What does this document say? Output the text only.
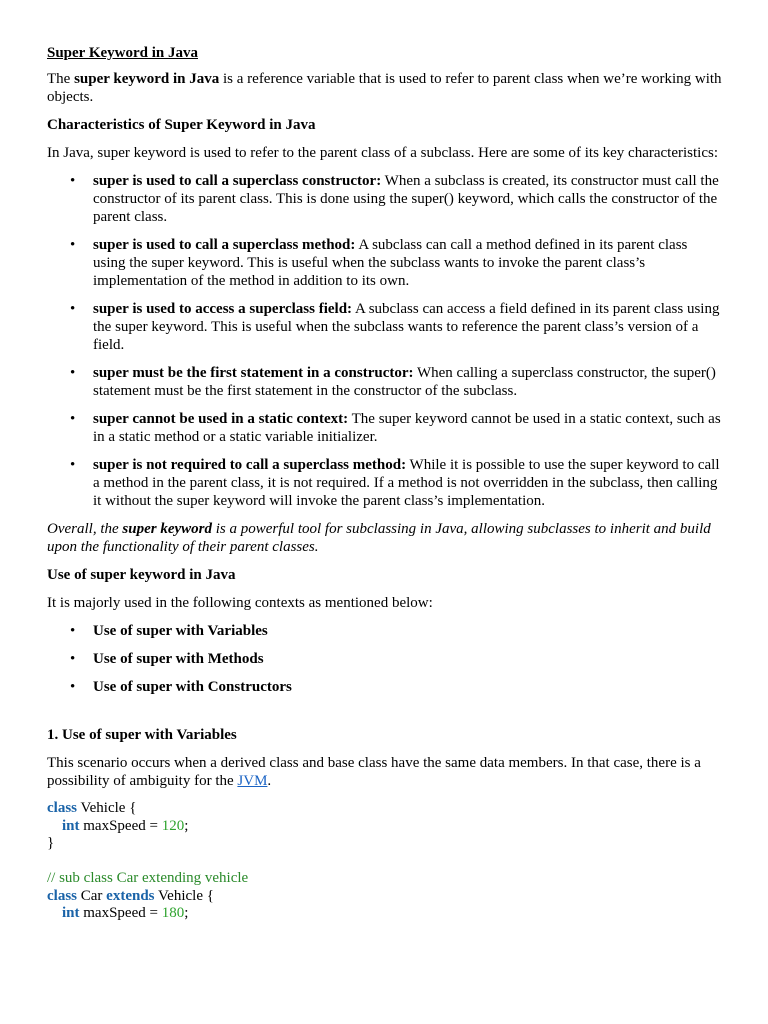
Super Keyword in Java

The super keyword in Java is a reference variable that is used to refer to parent class when we’re working with objects.

Characteristics of Super Keyword in Java

In Java, super keyword is used to refer to the parent class of a subclass. Here are some of its key characteristics:

• super is used to call a superclass constructor: When a subclass is created, its constructor must call the constructor of its parent class. This is done using the super() keyword, which calls the constructor of the parent class.
• super is used to call a superclass method: A subclass can call a method defined in its parent class using the super keyword. This is useful when the subclass wants to invoke the parent class’s implementation of the method in addition to its own.
• super is used to access a superclass field: A subclass can access a field defined in its parent class using the super keyword. This is useful when the subclass wants to reference the parent class’s version of a field.
• super must be the first statement in a constructor: When calling a superclass constructor, the super() statement must be the first statement in the constructor of the subclass.
• super cannot be used in a static context: The super keyword cannot be used in a static context, such as in a static method or a static variable initializer.
• super is not required to call a superclass method: While it is possible to use the super keyword to call a method in the parent class, it is not required. If a method is not overridden in the subclass, then calling it without the super keyword will invoke the parent class’s implementation.

Overall, the super keyword is a powerful tool for subclassing in Java, allowing subclasses to inherit and build upon the functionality of their parent classes.

Use of super keyword in Java

It is majorly used in the following contexts as mentioned below:

• Use of super with Variables
• Use of super with Methods
• Use of super with Constructors
1. Use of super with Variables

This scenario occurs when a derived class and base class have the same data members. In that case, there is a possibility of ambiguity for the JVM.

class Vehicle {
int maxSpeed = 120;
}

// sub class Car extending vehicle
class Car extends Vehicle {
int maxSpeed = 180;
